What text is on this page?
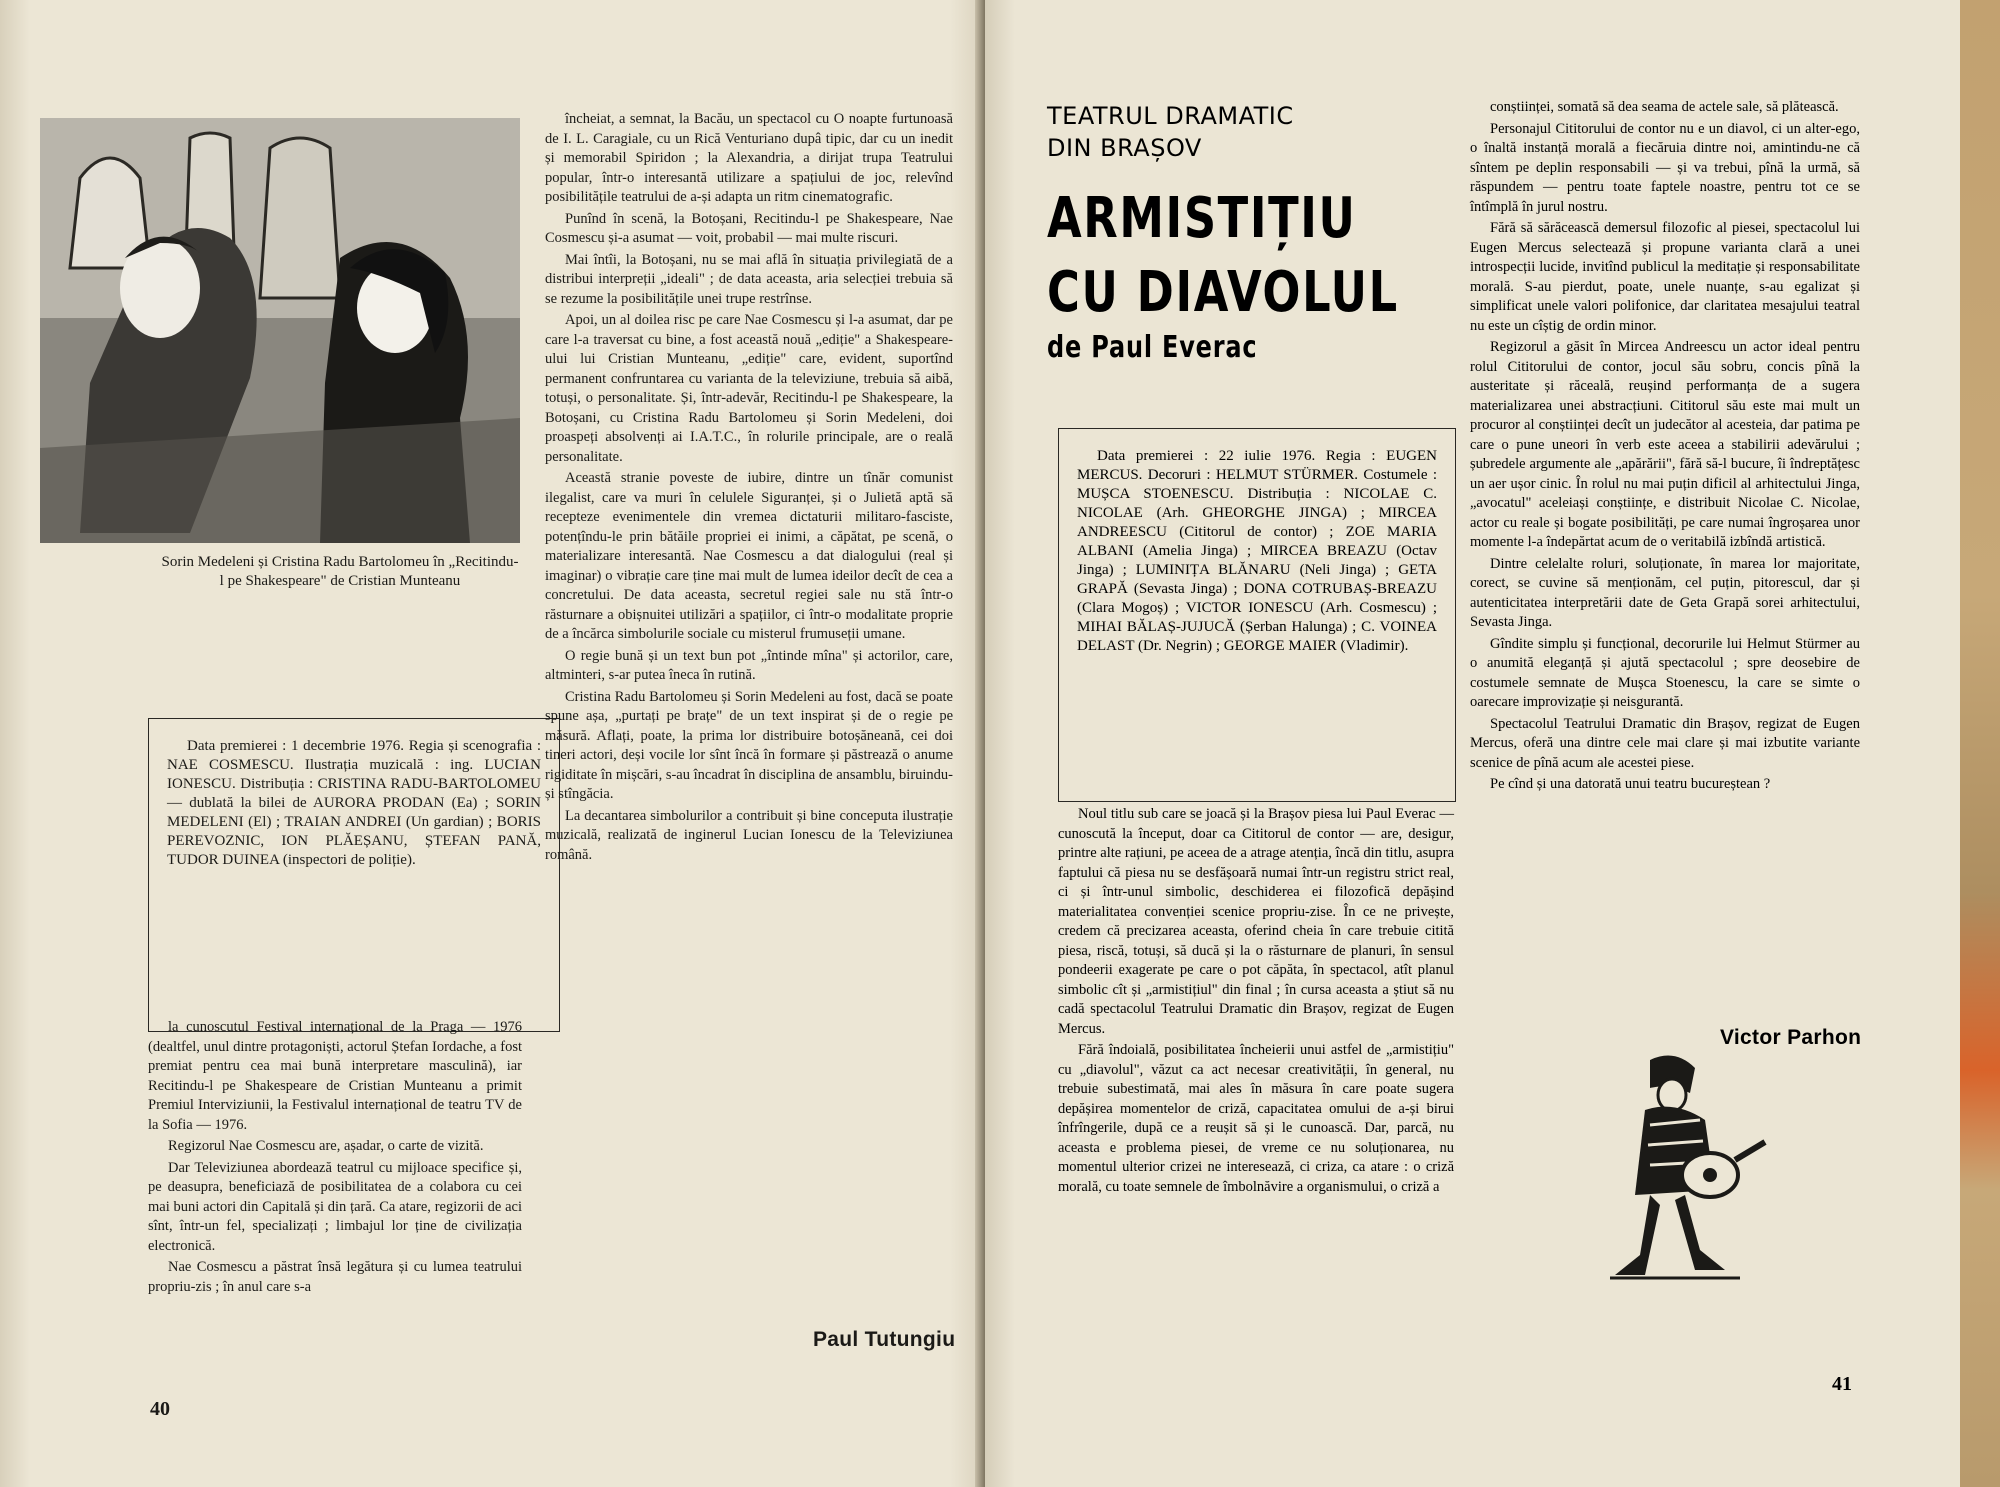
Sorin Medeleni și Cristina Radu Bartolomeu în „Recitindu-l pe Shakespeare" de Cristian Munteanu

Data premierei : 1 decembrie 1976. Regia și scenografia : NAE COSMESCU. Ilustrația muzicală : ing. LUCIAN IONESCU. Distribuția : CRISTINA RADU-BARTOLOMEU — dublată la bilei de AURORA PRODAN (Ea) ; SORIN MEDELENI (El) ; TRAIAN ANDREI (Un gardian) ; BORIS PEREVOZNIC, ION PLĂEȘANU, ȘTEFAN PANĂ, TUDOR DUINEA (inspectori de poliție).

la cunoscutul Festival internațional de la Praga — 1976 (dealtfel, unul dintre protagoniști, actorul Ștefan Iordache, a fost premiat pentru cea mai bună interpretare masculină), iar Recitindu-l pe Shakespeare de Cristian Munteanu a primit Premiul Interviziunii, la Festivalul internațional de teatru TV de la Sofia — 1976.

Regizorul Nae Cosmescu are, așadar, o carte de vizită.

Dar Televiziunea abordează teatrul cu mijloace specifice și, pe deasupra, beneficiază de posibilitatea de a colabora cu cei mai buni actori din Capitală și din țară. Ca atare, regizorii de aci sînt, într-un fel, specializați ; limbajul lor ține de civilizația electronică.

Nae Cosmescu a păstrat însă legătura și cu lumea teatrului propriu-zis ; în anul care s-a

încheiat, a semnat, la Bacău, un spectacol cu O noapte furtunoasă de I. L. Caragiale, cu un Rică Venturiano dupâ tipic, dar cu un inedit și memorabil Spiridon ; la Alexandria, a dirijat trupa Teatrului popular, într-o interesantă utilizare a spațiului de joc, relevînd posibilitățile teatrului de a-și adapta un ritm cinematografic.

Punînd în scenă, la Botoșani, Recitindu-l pe Shakespeare, Nae Cosmescu și-a asumat — voit, probabil — mai multe riscuri.

Mai întîi, la Botoșani, nu se mai află în situația privilegiată de a distribui interpreții „ideali" ; de data aceasta, aria selecției trebuia să se rezume la posibilitățile unei trupe restrînse.

Apoi, un al doilea risc pe care Nae Cosmescu și l-a asumat, dar pe care l-a traversat cu bine, a fost această nouă „ediție" a Shakespeare-ului lui Cristian Munteanu, „ediție" care, evident, suportînd permanent confruntarea cu varianta de la televiziune, trebuia să aibă, totuși, o personalitate. Și, într-adevăr, Recitindu-l pe Shakespeare, la Botoșani, cu Cristina Radu Bartolomeu și Sorin Medeleni, doi proaspeți absolvenți ai I.A.T.C., în rolurile principale, are o reală personalitate.

Această stranie poveste de iubire, dintre un tînăr comunist ilegalist, care va muri în celulele Siguranței, și o Julietă aptă să recepteze evenimentele din vremea dictaturii militaro-fasciste, potențîndu-le prin bătăile propriei ei inimi, a căpătat, pe scenă, o materializare interesantă. Nae Cosmescu a dat dialogului (real și imaginar) o vibrație care ține mai mult de lumea ideilor decît de cea a concretului. De data aceasta, secretul regiei sale nu stă într-o răsturnare a obișnuitei utilizări a spațiilor, ci într-o modalitate proprie de a încărca simbolurile sociale cu misterul frumuseții umane.

O regie bună și un text bun pot „întinde mîna" și actorilor, care, altminteri, s-ar putea îneca în rutină.

Cristina Radu Bartolomeu și Sorin Medeleni au fost, dacă se poate spune așa, „purtați pe brațe" de un text inspirat și de o regie pe măsură. Aflați, poate, la prima lor distribuire botoșăneană, cei doi tineri actori, deși vocile lor sînt încă în formare și păstrează o anume rigiditate în mișcări, s-au încadrat în disciplina de ansamblu, biruindu-și stîngăcia.

La decantarea simbolurilor a contribuit și bine conceputa ilustrație muzicală, realizată de inginerul Lucian Ionescu de la Televiziunea română.

Paul Tutungiu
40
TEATRUL DRAMATIC
DIN BRAȘOV
ARMISTIȚIU
CU DIAVOLUL
de Paul Everac

Data premierei : 22 iulie 1976. Regia : EUGEN MERCUS. Decoruri : HELMUT STÜRMER. Costumele : MUȘCA STOENESCU. Distribuția : NICOLAE C. NICOLAE (Arh. GHEORGHE JINGA) ; MIRCEA ANDREESCU (Cititorul de contor) ; ZOE MARIA ALBANI (Amelia Jinga) ; MIRCEA BREAZU (Octav Jinga) ; LUMINIȚA BLĂNARU (Neli Jinga) ; GETA GRAPĂ (Sevasta Jinga) ; DONA COTRUBAȘ-BREAZU (Clara Mogoș) ; VICTOR IONESCU (Arh. Cosmescu) ; MIHAI BĂLAȘ-JUJUCĂ (Șerban Halunga) ; C. VOINEA DELAST (Dr. Negrin) ; GEORGE MAIER (Vladimir).

Noul titlu sub care se joacă și la Brașov piesa lui Paul Everac — cunoscută la început, doar ca Cititorul de contor — are, desigur, printre alte rațiuni, pe aceea de a atrage atenția, încă din titlu, asupra faptului că piesa nu se desfășoară numai într-un registru strict real, ci și într-unul simbolic, deschiderea ei filozofică depășind materialitatea convenției scenice propriu-zise. În ce ne privește, credem că precizarea aceasta, oferind cheia în care trebuie citită piesa, riscă, totuși, să ducă și la o răsturnare de planuri, în sensul pondeerii exagerate pe care o pot căpăta, în spectacol, atît planul simbolic cît și „armistițiul" din final ; în cursa aceasta a știut să nu cadă spectacolul Teatrului Dramatic din Brașov, regizat de Eugen Mercus.

Fără îndoială, posibilitatea încheierii unui astfel de „armistițiu" cu „diavolul", văzut ca act necesar creativității, în general, nu trebuie subestimată, mai ales în măsura în care poate sugera depășirea momentelor de criză, capacitatea omului de a-și birui înfrîngerile, după ce a reușit să și le cunoască. Dar, parcă, nu aceasta e problema piesei, de vreme ce nu soluționarea, nu momentul ulterior crizei ne interesează, ci criza, ca atare : o criză morală, cu toate semnele de îmbolnăvire a organismului, o criză a

conștiinței, somată să dea seama de actele sale, să plătească.

Personajul Cititorului de contor nu e un diavol, ci un alter-ego, o înaltă instanță morală a fiecăruia dintre noi, amintindu-ne că sîntem pe deplin responsabili — și va trebui, pînă la urmă, să răspundem — pentru toate faptele noastre, pentru tot ce se întîmplă în jurul nostru.

Fără să sărăcească demersul filozofic al piesei, spectacolul lui Eugen Mercus selectează și propune varianta clară a unei introspecții lucide, invitînd publicul la meditație și responsabilitate morală. S-au pierdut, poate, unele nuanțe, s-au egalizat și simplificat unele valori polifonice, dar claritatea mesajului teatral nu este un cîștig de ordin minor.

Regizorul a găsit în Mircea Andreescu un actor ideal pentru rolul Cititorului de contor, jocul său sobru, concis pînă la austeritate și răceală, reușind performanța de a sugera materializarea unei abstracțiuni. Cititorul său este mai mult un procuror al conștiinței decît un judecător al acesteia, dar patima pe care o pune uneori în verb este aceea a stabilirii adevărului ; șubredele argumente ale „apărării", fără să-l bucure, îi îndreptățesc un aer ușor cinic. În rolul nu mai puțin dificil al arhitectului Jinga, „avocatul" aceleiași conștiințe, e distribuit Nicolae C. Nicolae, actor cu reale și bogate posibilități, pe care numai îngroșarea unor momente l-a îndepărtat acum de o veritabilă izbîndă artistică.

Dintre celelalte roluri, soluționate, în marea lor majoritate, corect, se cuvine să menționăm, cel puțin, pitorescul, dar și autenticitatea interpretării date de Geta Grapă sorei arhitectului, Sevasta Jinga.

Gîndite simplu și funcțional, decorurile lui Helmut Stürmer au o anumită eleganță și ajută spectacolul ; spre deosebire de costumele semnate de Mușca Stoenescu, la care se simte o oarecare improvizație și neisgurantă.

Spectacolul Teatrului Dramatic din Brașov, regizat de Eugen Mercus, oferă una dintre cele mai clare și mai izbutite variante scenice de pînă acum ale acestei piese.

Pe cînd și una datorată unui teatru bucureștean ?

Victor Parhon
41
